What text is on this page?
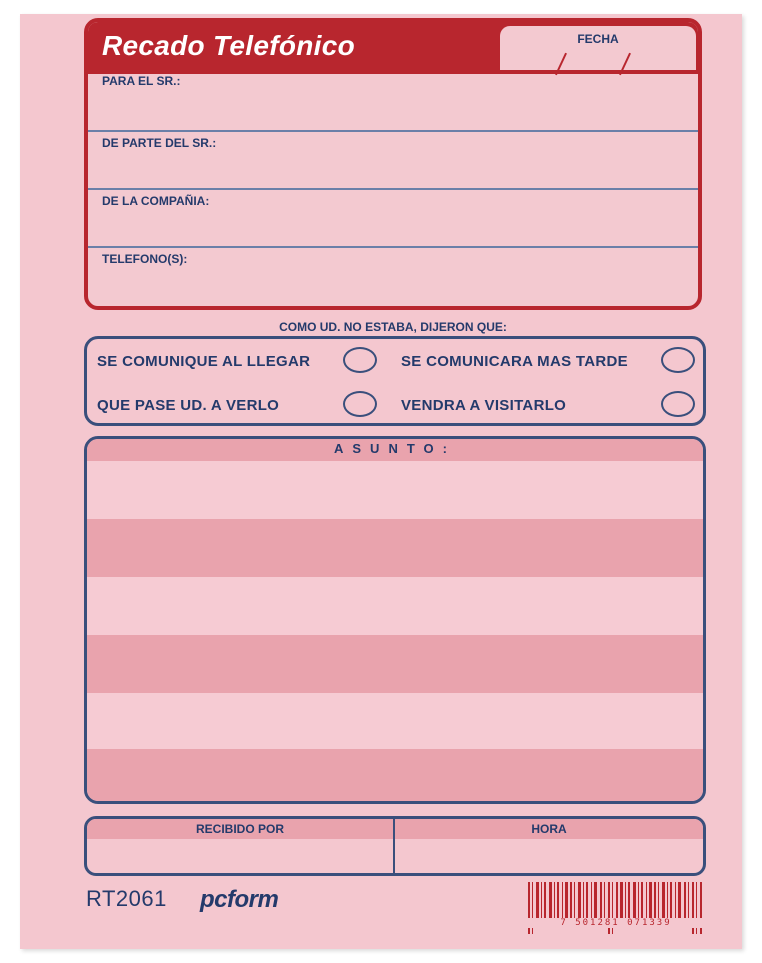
Recado Telefónico	FECHA
PARA EL SR.:
DE PARTE DEL SR.:
DE LA COMPAÑIA:
TELEFONO(S):
COMO UD. NO ESTABA, DIJERON QUE:
SE COMUNIQUE AL LLEGAR	SE COMUNICARA MAS TARDE
QUE PASE UD. A VERLO	VENDRA A VISITARLO
ASUNTO:
RECIBIDO POR	HORA
RT2061 pcform
7 501281 071339
